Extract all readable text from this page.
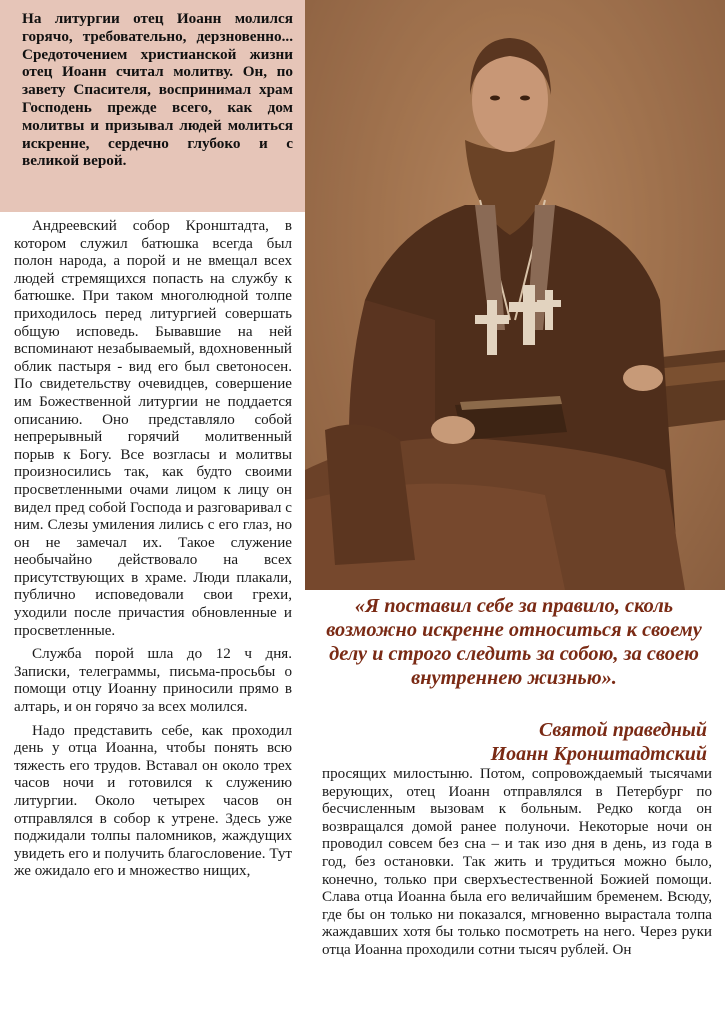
На литургии отец Иоанн молился горячо, требовательно, дерзновенно... Средоточением христианской жизни отец Иоанн считал молитву. Он, по завету Спасителя, воспринимал храм Господень прежде всего, как дом молитвы и призывал людей молиться искренне, сердечно глубоко и с великой верой.

Андреевский собор Кронштадта, в котором служил батюшка всегда был полон народа, а порой и не вмещал всех людей стремящихся попасть на службу к батюшке. При таком многолюдной толпе приходилось перед литургией совершать общую исповедь. Бывавшие на ней вспоминают незабываемый, вдохновенный облик пастыря - вид его был светоносен. По свидетельству очевидцев, совершение им Божественной литургии не поддается описанию. Оно представляло собой непрерывный горячий молитвенный порыв к Богу. Все возгласы и молитвы произносились так, как будто своими просветленными очами лицом к лицу он видел пред собой Господа и разговаривал с ним. Слезы умиления лились с его глаз, но он не замечал их. Такое служение необычайно действовало на всех присутствующих в храме. Люди плакали, публично исповедовали свои грехи, уходили после причастия обновленные и просветленные.

Служба порой шла до 12 ч дня. Записки, телеграммы, письма-просьбы о помощи отцу Иоанну приносили прямо в алтарь, и он горячо за всех молился.

Надо представить себе, как проходил день у отца Иоанна, чтобы понять всю тяжесть его трудов. Вставал он около трех часов ночи и готовился к служению литургии. Около четырех часов он отправлялся в собор к утрене. Здесь уже поджидали толпы паломников, жаждущих увидеть его и получить благословение. Тут же ожидало его и множество нищих,

«Я поставил себе за правило, сколь возможно искренне относиться к своему делу и строго следить за собою, за своею внутреннею жизнью».
Святой праведный
Иоанн Кронштадтский

просящих милостыню. Потом, сопровождаемый тысячами верующих, отец Иоанн отправлялся в Петербург по бесчисленным вызовам к больным. Редко когда он возвращался домой ранее полуночи. Некоторые ночи он проводил совсем без сна – и так изо дня в день, из года в год, без остановки. Так жить и трудиться можно было, конечно, только при сверхъестественной Божией помощи. Слава отца Иоанна была его величайшим бременем. Всюду, где бы он только ни показался, мгновенно вырастала толпа жаждавших хотя бы только посмотреть на него. Через руки отца Иоанна проходили сотни тысяч рублей. Он
